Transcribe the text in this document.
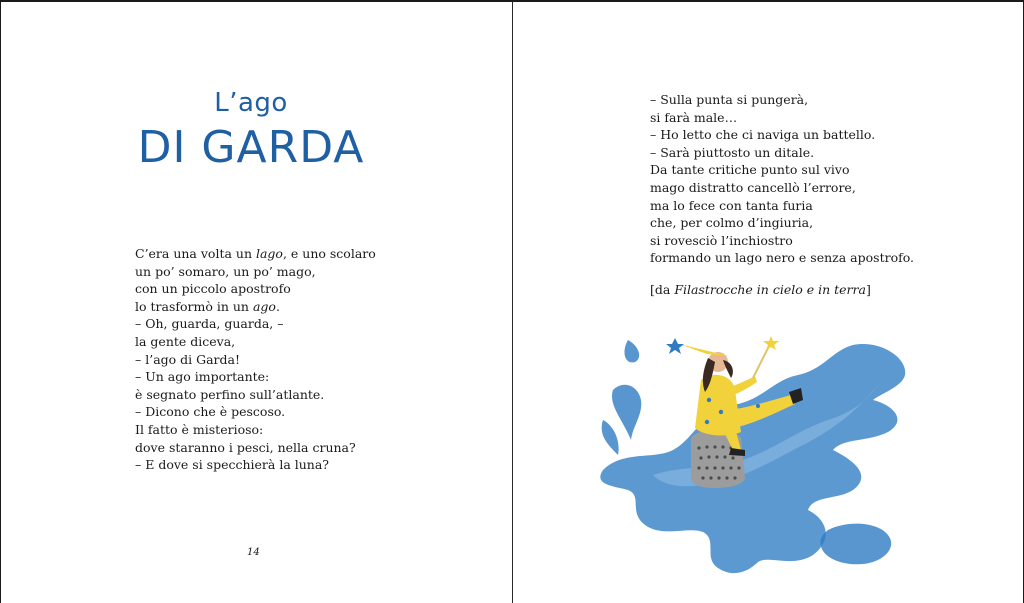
L’ago
DI GARDA
C’era una volta un lago, e uno scolaro
un po’ somaro, un po’ mago,
con un piccolo apostrofo
lo trasformò in un ago.
– Oh, guarda, guarda, –
la gente diceva,
– l’ago di Garda!
– Un ago importante:
è segnato perfino sull’atlante.
– Dicono che è pescoso.
Il fatto è misterioso:
dove staranno i pesci, nella cruna?
– E dove si specchierà la luna?
14
– Sulla punta si pungerà,
si farà male…
– Ho letto che ci naviga un battello.
– Sarà piuttosto un ditale.
Da tante critiche punto sul vivo
mago distratto cancellò l’errore,
ma lo fece con tanta furia
che, per colmo d’ingiuria,
si rovesciò l’inchiostro
formando un lago nero e senza apostrofo.
[da Filastrocche in cielo e in terra]
